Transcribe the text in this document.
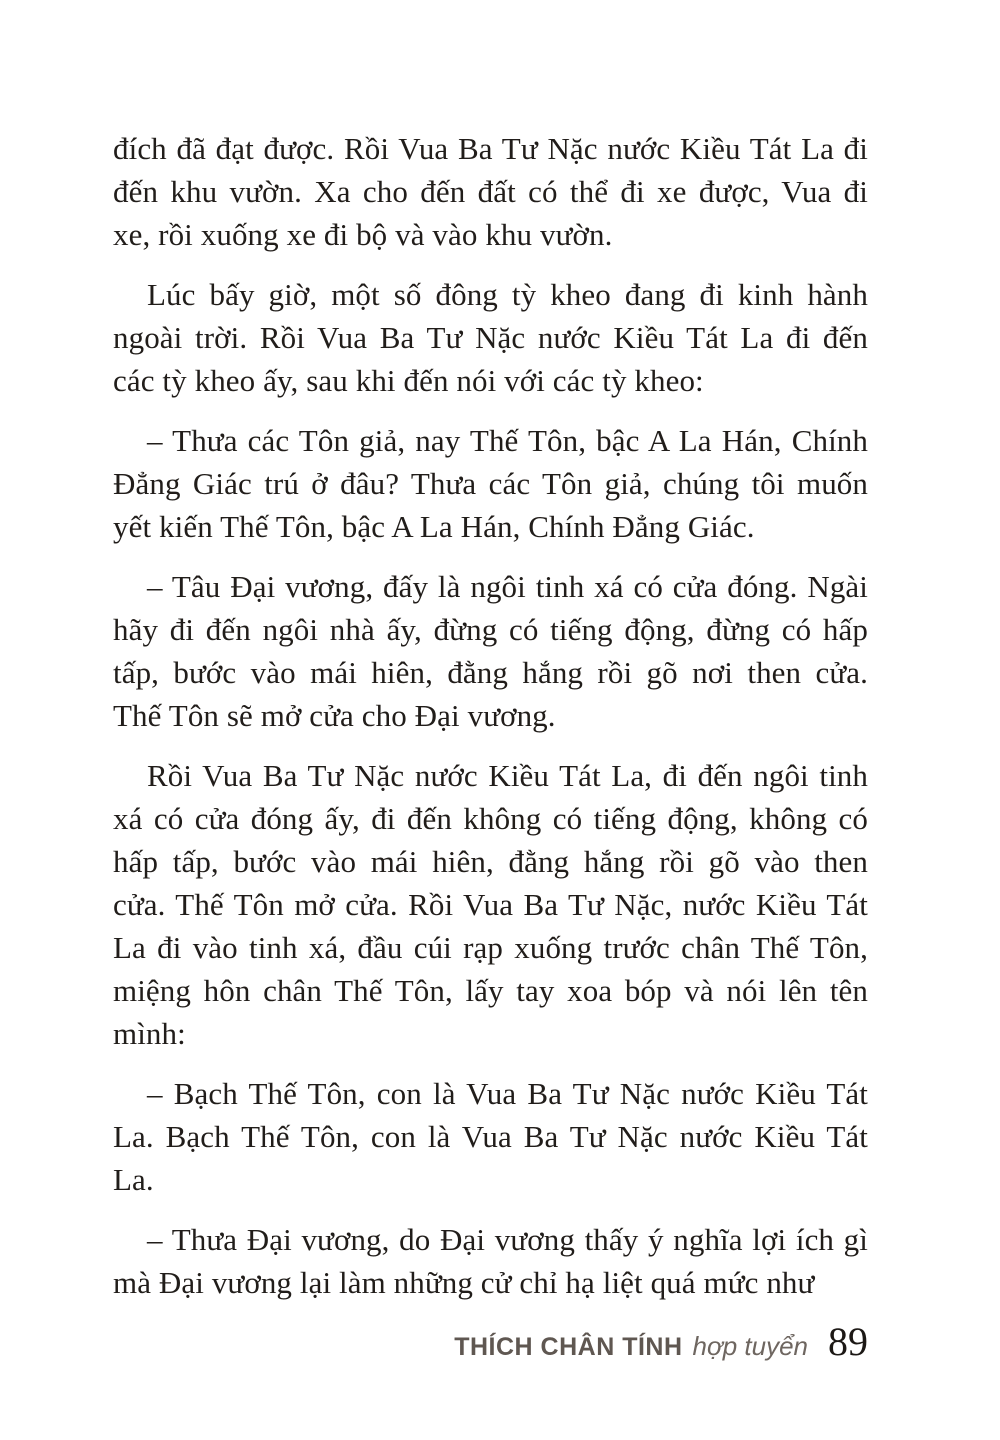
đích đã đạt được. Rồi Vua Ba Tư Nặc nước Kiều Tát La đi
đến khu vườn. Xa cho đến đất có thể đi xe được, Vua đi
xe, rồi xuống xe đi bộ và vào khu vườn.
Lúc bấy giờ, một số đông tỳ kheo đang đi kinh hành
ngoài trời. Rồi Vua Ba Tư Nặc nước Kiều Tát La đi đến
các tỳ kheo ấy, sau khi đến nói với các tỳ kheo:
– Thưa các Tôn giả, nay Thế Tôn, bậc A La Hán, Chính
Đẳng Giác trú ở đâu? Thưa các Tôn giả, chúng tôi muốn
yết kiến Thế Tôn, bậc A La Hán, Chính Đẳng Giác.
– Tâu Đại vương, đấy là ngôi tinh xá có cửa đóng. Ngài
hãy đi đến ngôi nhà ấy, đừng có tiếng động, đừng có hấp
tấp, bước vào mái hiên, đằng hắng rồi gõ nơi then cửa.
Thế Tôn sẽ mở cửa cho Đại vương.
Rồi Vua Ba Tư Nặc nước Kiều Tát La, đi đến ngôi tinh
xá có cửa đóng ấy, đi đến không có tiếng động, không có
hấp tấp, bước vào mái hiên, đằng hắng rồi gõ vào then
cửa. Thế Tôn mở cửa. Rồi Vua Ba Tư Nặc, nước Kiều Tát
La đi vào tinh xá, đầu cúi rạp xuống trước chân Thế Tôn,
miệng hôn chân Thế Tôn, lấy tay xoa bóp và nói lên tên
mình:
– Bạch Thế Tôn, con là Vua Ba Tư Nặc nước Kiều Tát
La. Bạch Thế Tôn, con là Vua Ba Tư Nặc nước Kiều Tát La.
– Thưa Đại vương, do Đại vương thấy ý nghĩa lợi ích gì
mà Đại vương lại làm những cử chỉ hạ liệt quá mức như
THÍCH CHÂN TÍNH hợp tuyển 89
